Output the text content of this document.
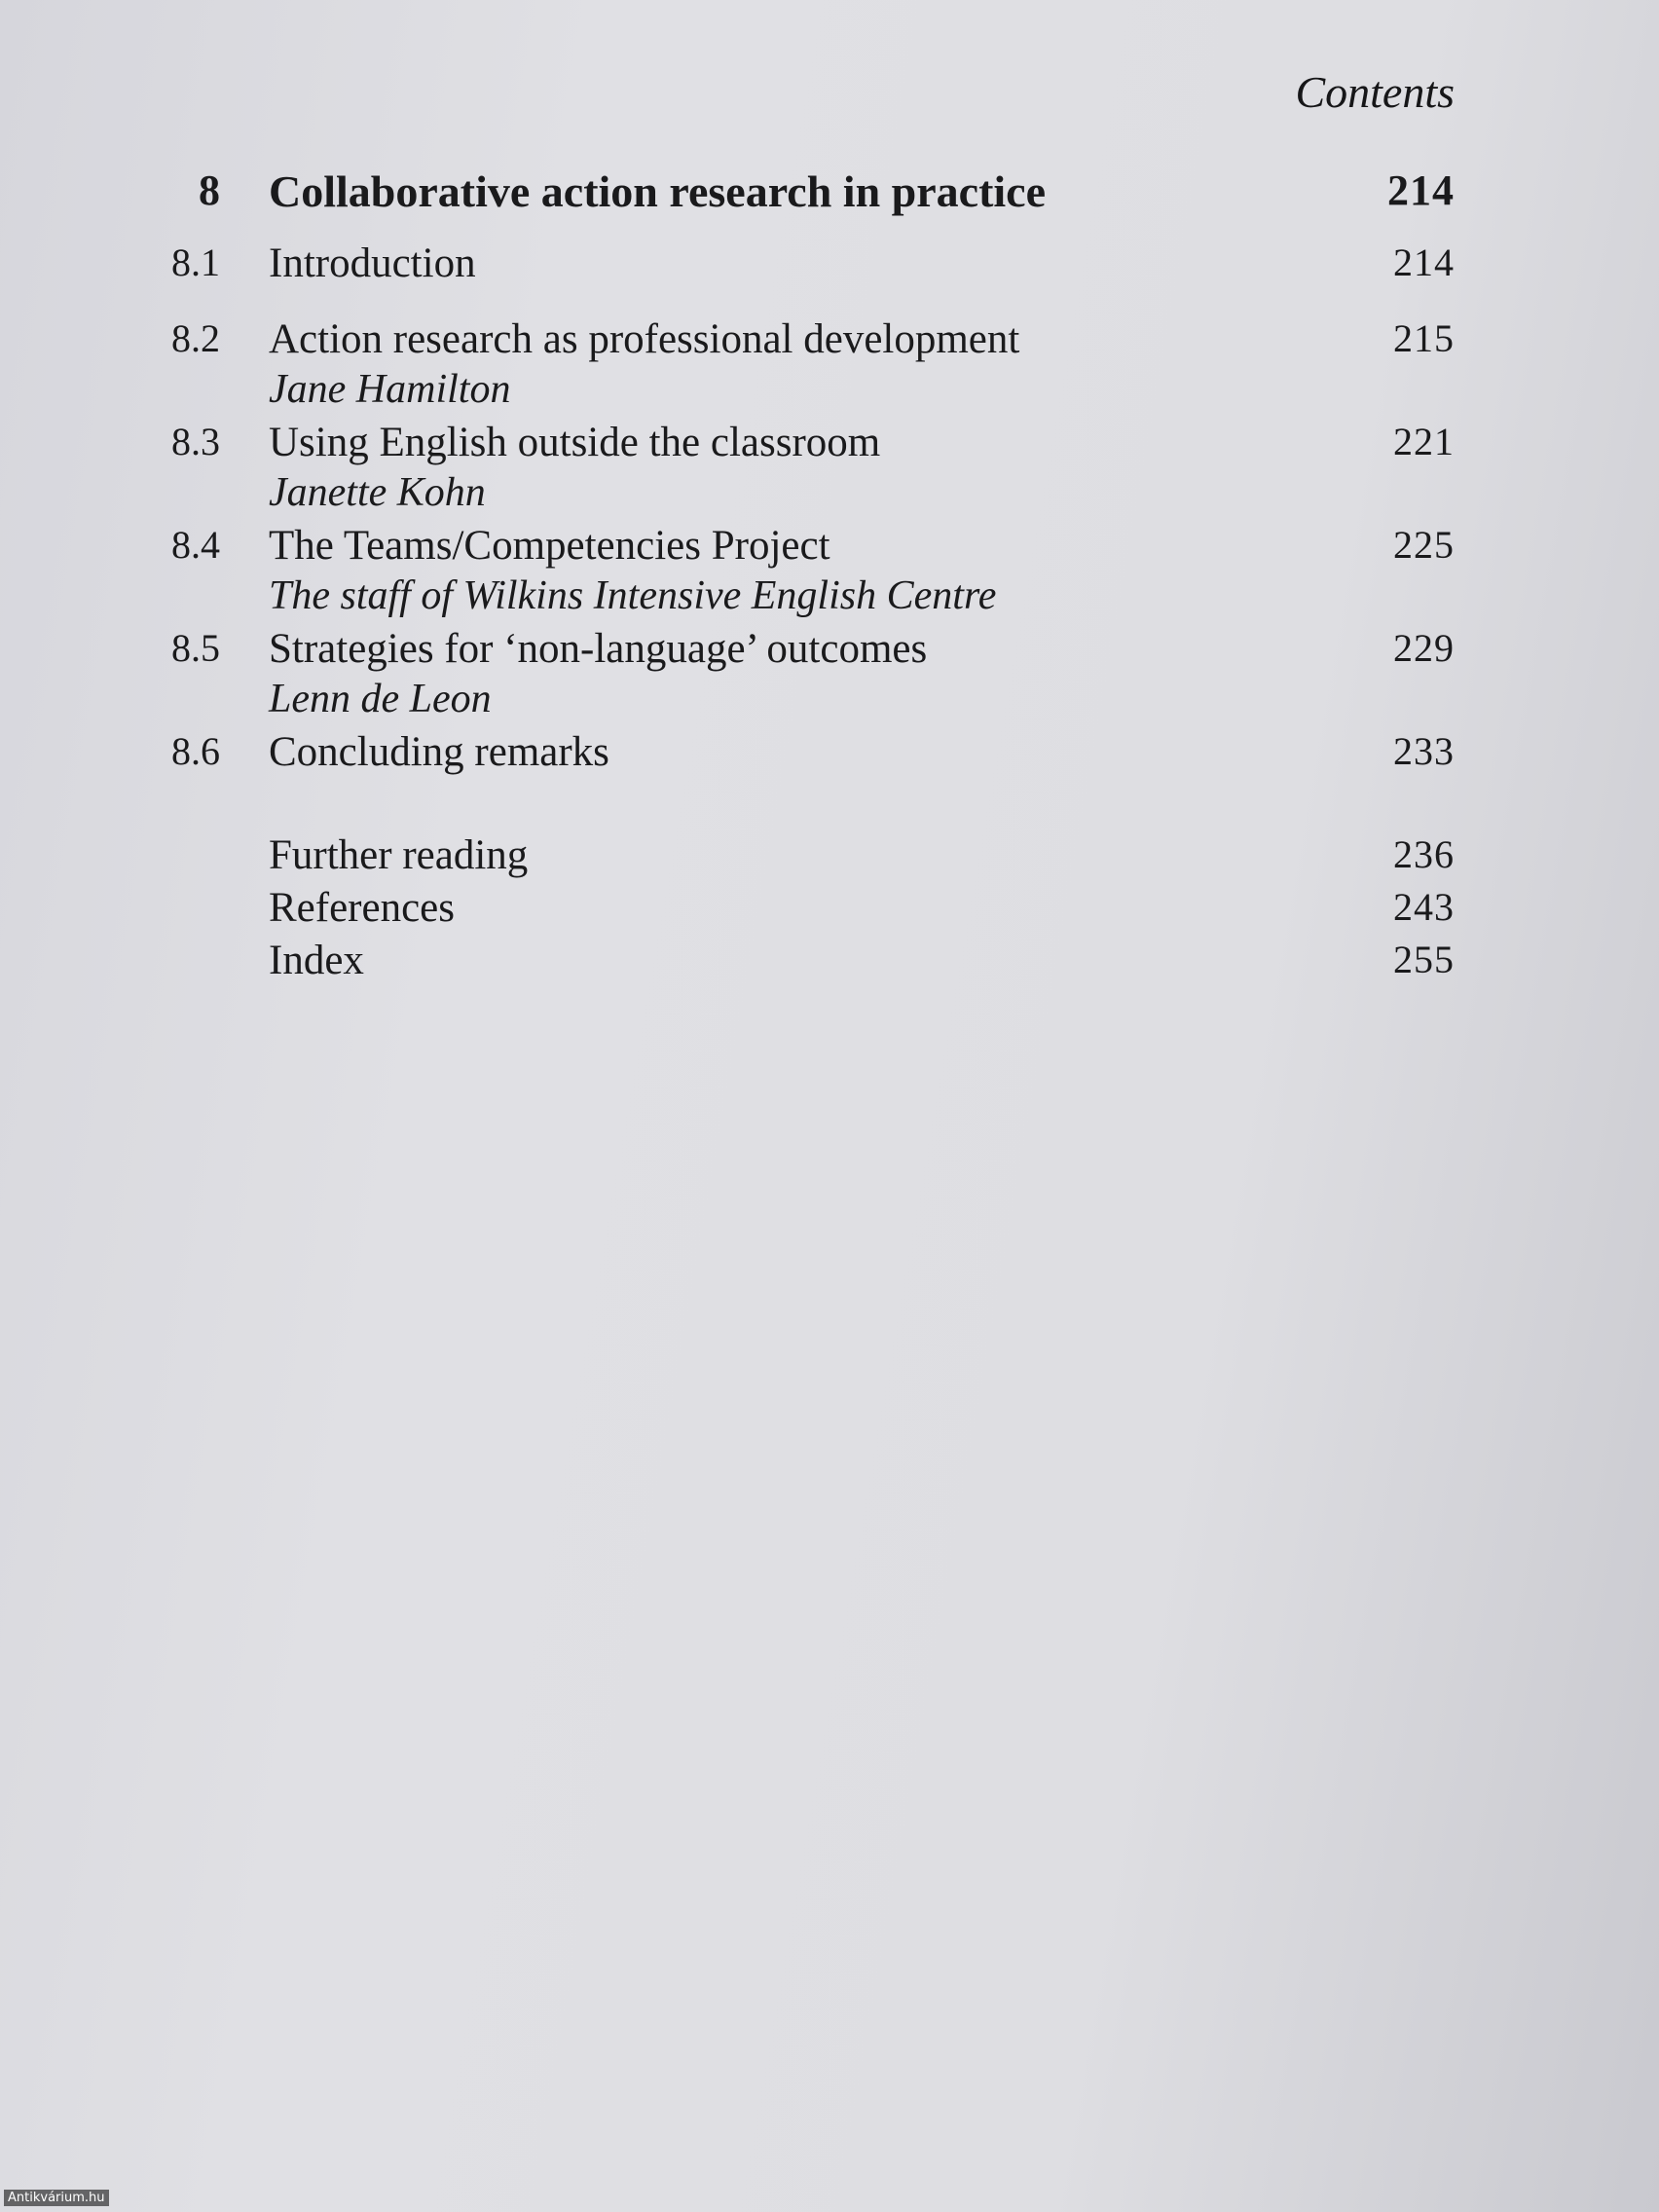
Contents
8 Collaborative action research in practice	214
8.1 Introduction	214
8.2 Action research as professional development	215
Jane Hamilton
8.3 Using English outside the classroom	221
Janette Kohn
8.4 The Teams/Competencies Project	225
The staff of Wilkins Intensive English Centre
8.5 Strategies for ‘non-language’ outcomes	229
Lenn de Leon
8.6 Concluding remarks	233
Further reading	236
References	243
Index	255
Antikvárium.hu
